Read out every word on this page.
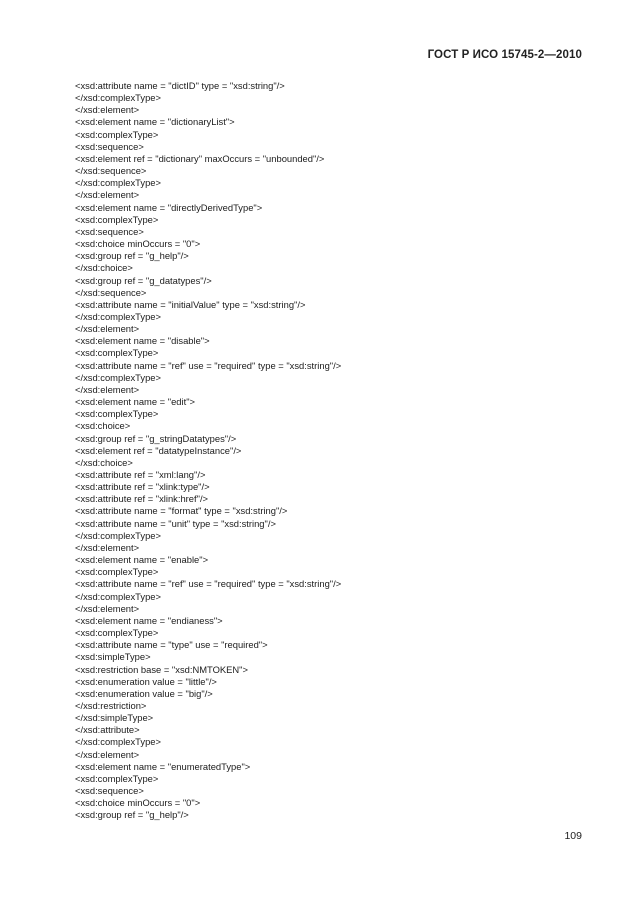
ГОСТ Р ИСО 15745-2—2010
<xsd:attribute name = "dictID" type = "xsd:string"/>
</xsd:complexType>
</xsd:element>
<xsd:element name = "dictionaryList">
<xsd:complexType>
<xsd:sequence>
<xsd:element ref = "dictionary" maxOccurs = "unbounded"/>
</xsd:sequence>
</xsd:complexType>
</xsd:element>
<xsd:element name = "directlyDerivedType">
<xsd:complexType>
<xsd:sequence>
<xsd:choice minOccurs = "0">
<xsd:group ref = "g_help"/>
</xsd:choice>
<xsd:group ref = "g_datatypes"/>
</xsd:sequence>
<xsd:attribute name = "initialValue" type = "xsd:string"/>
</xsd:complexType>
</xsd:element>
<xsd:element name = "disable">
<xsd:complexType>
<xsd:attribute name = "ref" use = "required" type = "xsd:string"/>
</xsd:complexType>
</xsd:element>
<xsd:element name = "edit">
<xsd:complexType>
<xsd:choice>
<xsd:group ref = "g_stringDatatypes"/>
<xsd:element ref = "datatypeInstance"/>
</xsd:choice>
<xsd:attribute ref = "xml:lang"/>
<xsd:attribute ref = "xlink:type"/>
<xsd:attribute ref = "xlink:href"/>
<xsd:attribute name = "format" type = "xsd:string"/>
<xsd:attribute name = "unit" type = "xsd:string"/>
</xsd:complexType>
</xsd:element>
<xsd:element name = "enable">
<xsd:complexType>
<xsd:attribute name = "ref" use = "required" type = "xsd:string"/>
</xsd:complexType>
</xsd:element>
<xsd:element name = "endianess">
<xsd:complexType>
<xsd:attribute name = "type" use = "required">
<xsd:simpleType>
<xsd:restriction base = "xsd:NMTOKEN">
<xsd:enumeration value = "little"/>
<xsd:enumeration value = "big"/>
</xsd:restriction>
</xsd:simpleType>
</xsd:attribute>
</xsd:complexType>
</xsd:element>
<xsd:element name = "enumeratedType">
<xsd:complexType>
<xsd:sequence>
<xsd:choice minOccurs = "0">
<xsd:group ref = "g_help"/>
109
